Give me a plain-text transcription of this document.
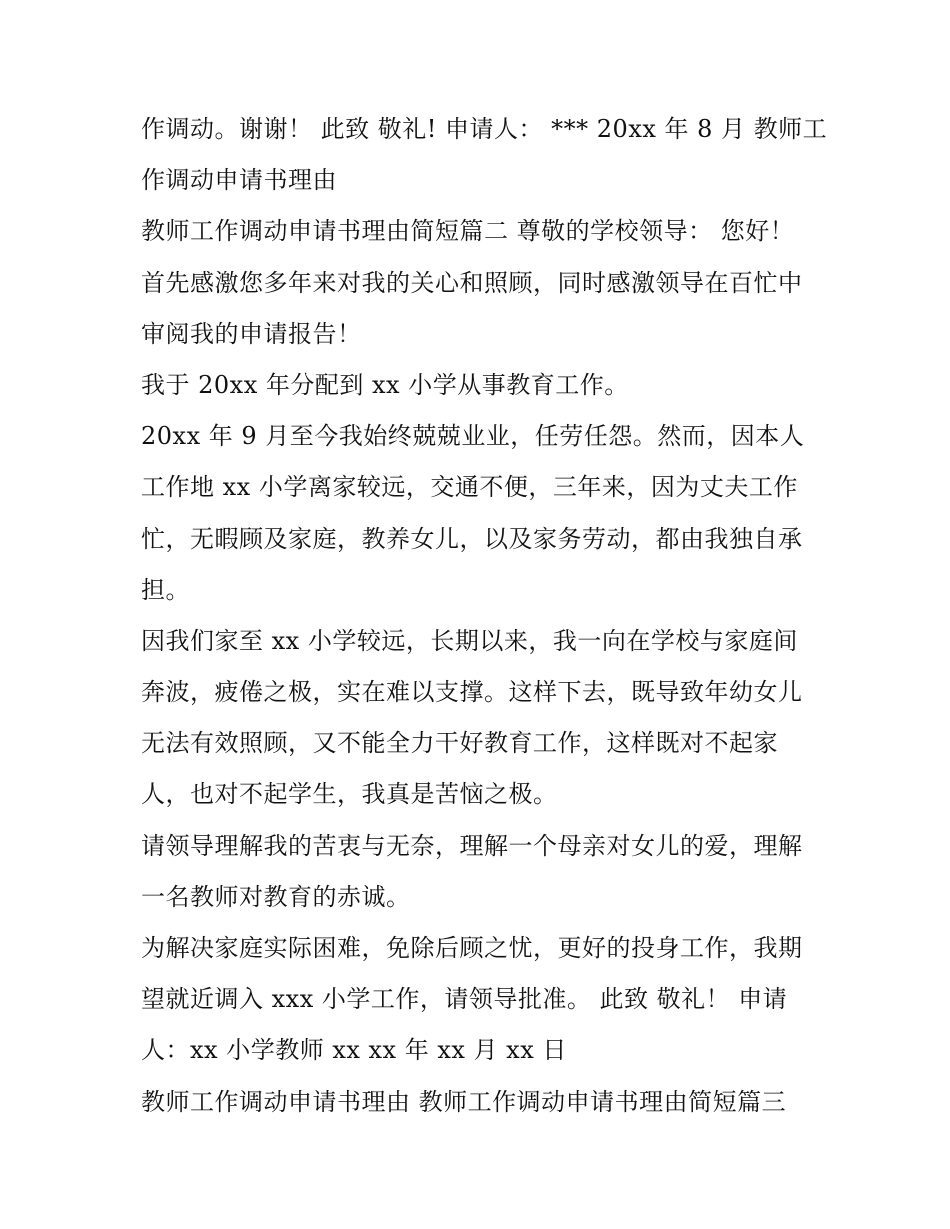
作调动。谢谢！ 此致 敬礼! 申请人： *** 20xx 年 8 月 教师工
作调动申请书理由
教师工作调动申请书理由简短篇二 尊敬的学校领导： 您好！
首先感激您多年来对我的关心和照顾，同时感激领导在百忙中
审阅我的申请报告！
我于 20xx 年分配到 xx 小学从事教育工作。
20xx 年 9 月至今我始终兢兢业业，任劳任怨。然而，因本人
工作地 xx 小学离家较远，交通不便，三年来，因为丈夫工作
忙，无暇顾及家庭，教养女儿，以及家务劳动，都由我独自承
担。
因我们家至 xx 小学较远，长期以来，我一向在学校与家庭间
奔波，疲倦之极，实在难以支撑。这样下去，既导致年幼女儿
无法有效照顾，又不能全力干好教育工作，这样既对不起家
人，也对不起学生，我真是苦恼之极。
请领导理解我的苦衷与无奈，理解一个母亲对女儿的爱，理解
一名教师对教育的赤诚。
为解决家庭实际困难，免除后顾之忧，更好的投身工作，我期
望就近调入 xxx 小学工作，请领导批准。 此致 敬礼！ 申请
人：xx 小学教师 xx xx 年 xx 月 xx 日
教师工作调动申请书理由 教师工作调动申请书理由简短篇三
